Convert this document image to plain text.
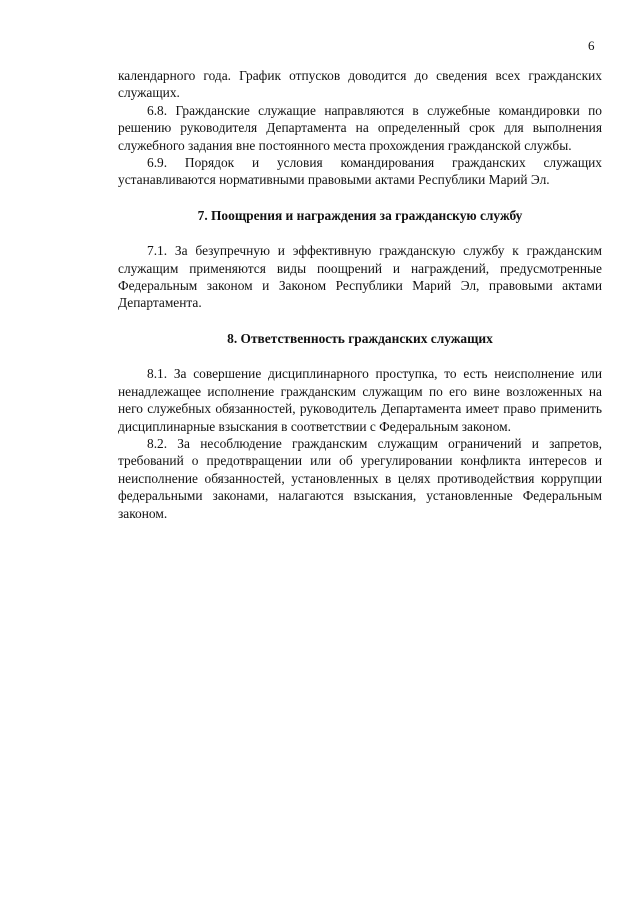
6

календарного года. График отпусков доводится до сведения всех гражданских служащих.

6.8. Гражданские служащие направляются в служебные командировки по решению руководителя Департамента на определенный срок для выполнения служебного задания вне постоянного места прохождения гражданской службы.

6.9. Порядок и условия командирования гражданских служащих устанавливаются нормативными правовыми актами Республики Марий Эл.

7. Поощрения и награждения за гражданскую службу

7.1. За безупречную и эффективную гражданскую службу к гражданским служащим применяются виды поощрений и награждений, предусмотренные Федеральным законом и Законом Республики Марий Эл, правовыми актами Департамента.

8. Ответственность гражданских служащих

8.1. За совершение дисциплинарного проступка, то есть неисполнение или ненадлежащее исполнение гражданским служащим по его вине возложенных на него служебных обязанностей, руководитель Департамента имеет право применить дисциплинарные взыскания в соответствии с Федеральным законом.

8.2. За несоблюдение гражданским служащим ограничений и запретов, требований о предотвращении или об урегулировании конфликта интересов и неисполнение обязанностей, установленных в целях противодействия коррупции федеральными законами, налагаются взыскания, установленные Федеральным законом.
